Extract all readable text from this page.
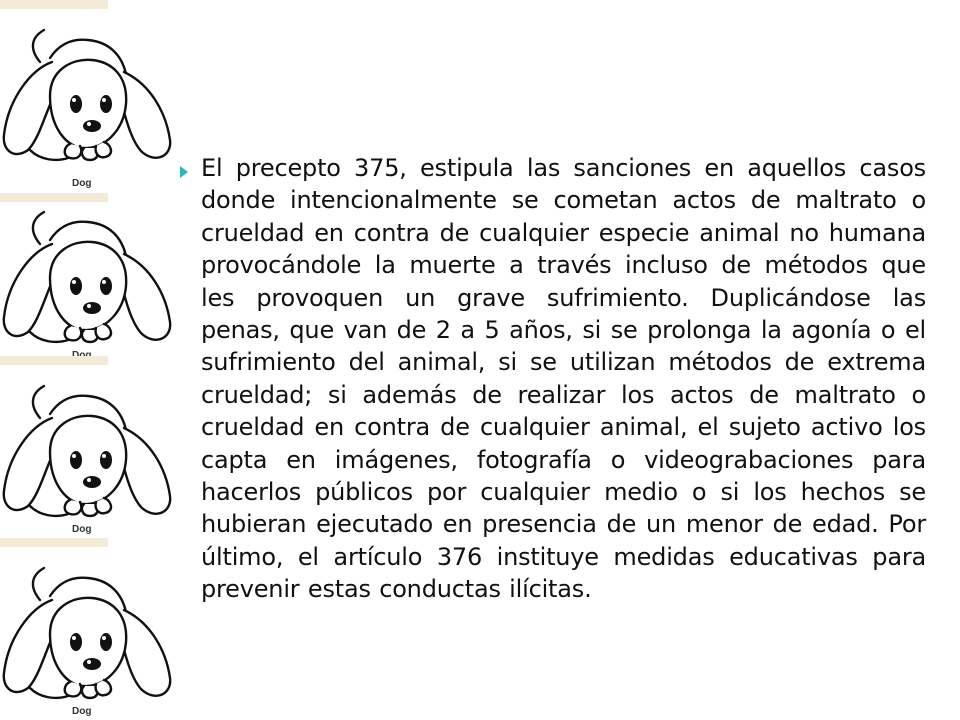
Dog
Dog
Dog

El precepto 375, estipula las sanciones en aquellos casos donde intencionalmente se cometan actos de maltrato o crueldad en contra de cualquier especie animal no humana provocándole la muerte a través incluso de métodos que les provoquen un grave sufrimiento. Duplicándose las penas, que van de 2 a 5 años, si se prolonga la agonía o el sufrimiento del animal, si se utilizan métodos de extrema crueldad; si además de realizar los actos de maltrato o crueldad en contra de cualquier animal, el sujeto activo los capta en imágenes, fotografía o videograbaciones para hacerlos públicos por cualquier medio o si los hechos se hubieran ejecutado en presencia de un menor de edad. Por último, el artículo 376 instituye medidas educativas para prevenir estas conductas ilícitas.
